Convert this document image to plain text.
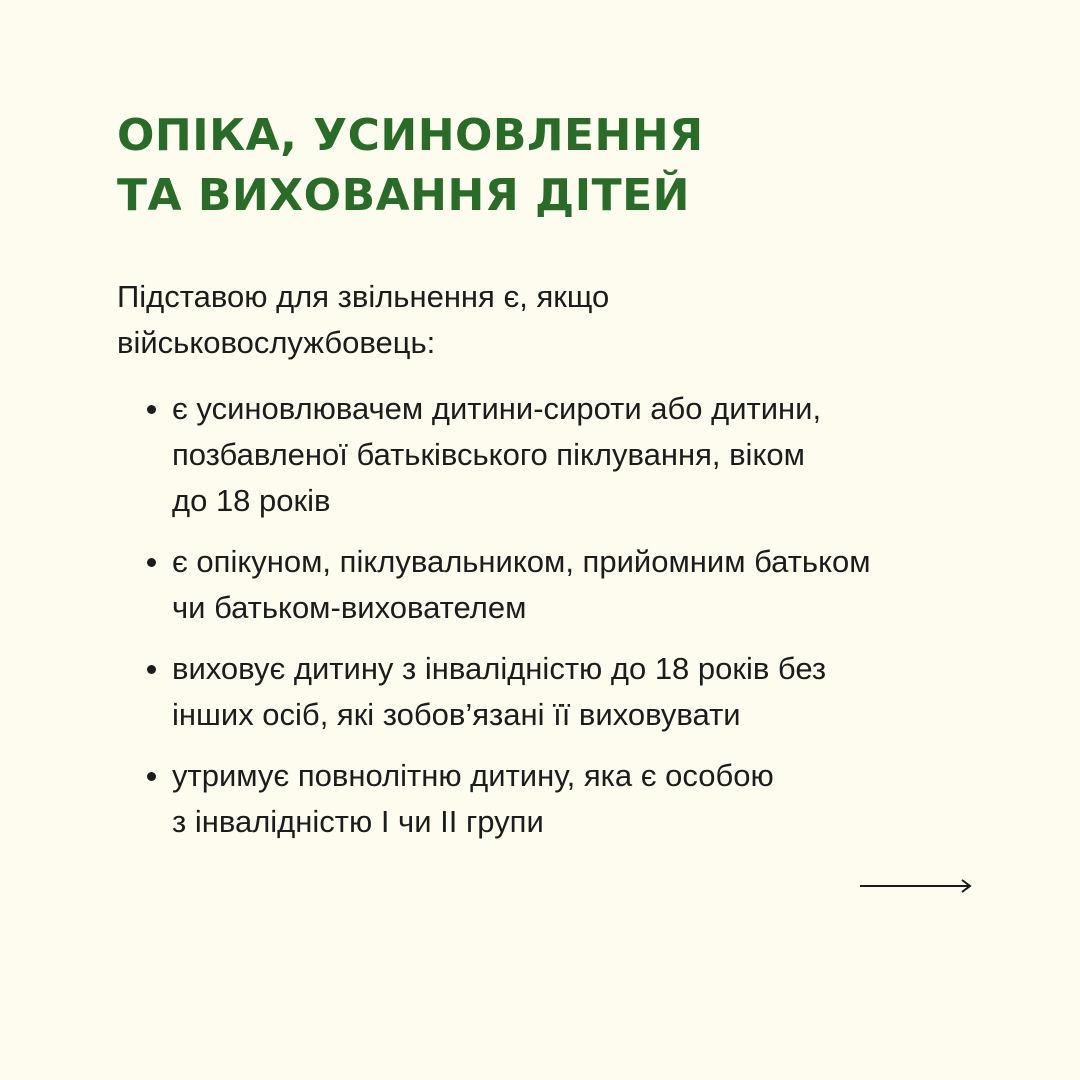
ОПІКА, УСИНОВЛЕННЯ
ТА ВИХОВАННЯ ДІТЕЙ

Підставою для звільнення є, якщо
військовослужбовець:

є усиновлювачем дитини-сироти або дитини,
позбавленої батьківського піклування, віком
до 18 років
є опікуном, піклувальником, прийомним батьком
чи батьком-вихователем
виховує дитину з інвалідністю до 18 років без
інших осіб, які зобов’язані її виховувати
утримує повнолітню дитину, яка є особою
з інвалідністю І чи ІІ групи
